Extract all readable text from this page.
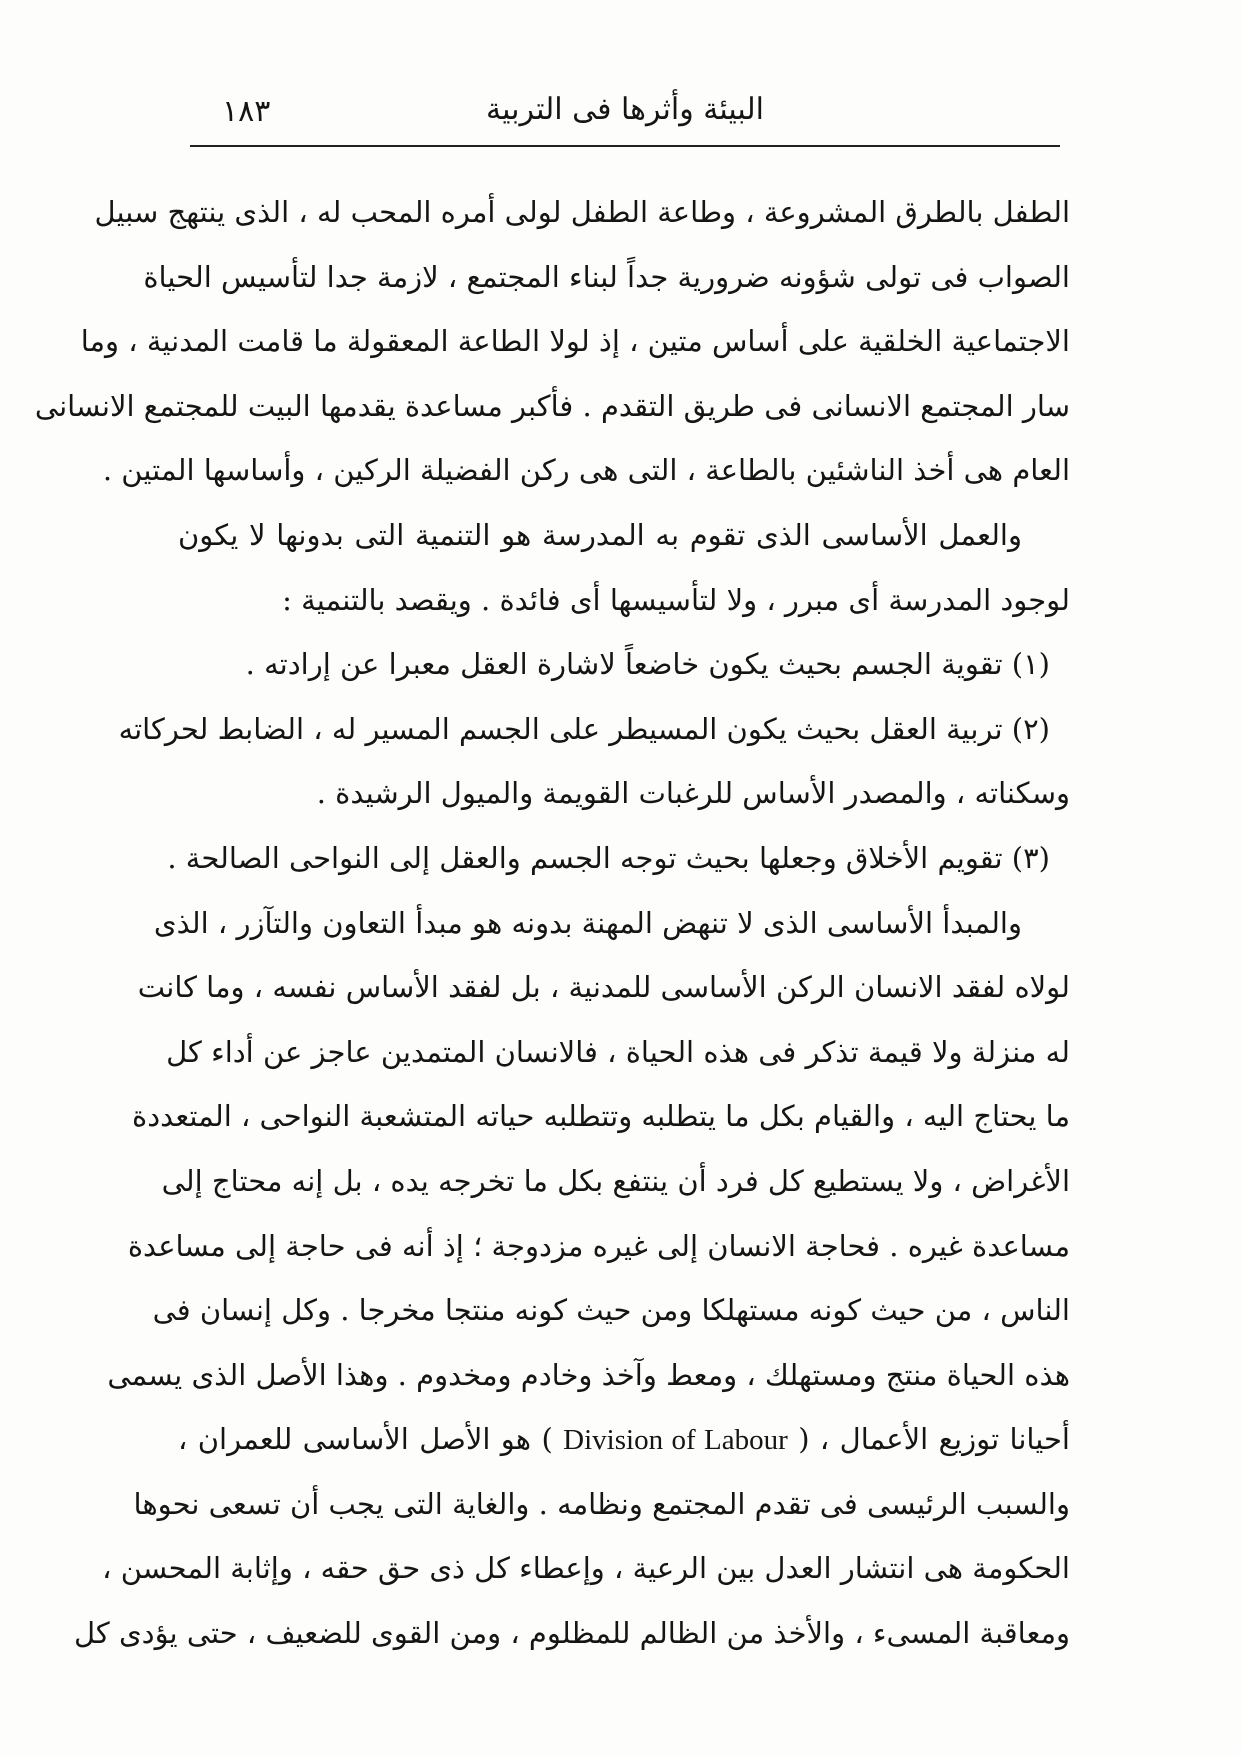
البيئة وأثرها فى التربية
١٨٣
الطفل بالطرق المشروعة ، وطاعة الطفل لولى أمره المحب له ، الذى ينتهج سبيل
الصواب فى تولى شؤونه ضرورية جداً لبناء المجتمع ، لازمة جدا لتأسيس الحياة
الاجتماعية الخلقية على أساس متين ، إذ لولا الطاعة المعقولة ما قامت المدنية ، وما
سار المجتمع الانسانى فى طريق التقدم . فأكبر مساعدة يقدمها البيت للمجتمع الانسانى
العام هى أخذ الناشئين بالطاعة ، التى هى ركن الفضيلة الركين ، وأساسها المتين .
والعمل الأساسى الذى تقوم به المدرسة هو التنمية التى بدونها لا يكون
لوجود المدرسة أى مبرر ، ولا لتأسيسها أى فائدة . ويقصد بالتنمية :
(١) تقوية الجسم بحيث يكون خاضعاً لاشارة العقل معبرا عن إرادته .
(٢) تربية العقل بحيث يكون المسيطر على الجسم المسير له ، الضابط لحركاته
وسكناته ، والمصدر الأساس للرغبات القويمة والميول الرشيدة .
(٣) تقويم الأخلاق وجعلها بحيث توجه الجسم والعقل إلى النواحى الصالحة .
والمبدأ الأساسى الذى لا تنهض المهنة بدونه هو مبدأ التعاون والتآزر ، الذى
لولاه لفقد الانسان الركن الأساسى للمدنية ، بل لفقد الأساس نفسه ، وما كانت
له منزلة ولا قيمة تذكر فى هذه الحياة ، فالانسان المتمدين عاجز عن أداء كل
ما يحتاج اليه ، والقيام بكل ما يتطلبه وتتطلبه حياته المتشعبة النواحى ، المتعددة
الأغراض ، ولا يستطيع كل فرد أن ينتفع بكل ما تخرجه يده ، بل إنه محتاج إلى
مساعدة غيره . فحاجة الانسان إلى غيره مزدوجة ؛ إذ أنه فى حاجة إلى مساعدة
الناس ، من حيث كونه مستهلكا ومن حيث كونه منتجا مخرجا . وكل إنسان فى
هذه الحياة منتج ومستهلك ، ومعط وآخذ وخادم ومخدوم . وهذا الأصل الذى يسمى
أحيانا توزيع الأعمال ، ( Division of Labour ) هو الأصل الأساسى للعمران ،
والسبب الرئيسى فى تقدم المجتمع ونظامه . والغاية التى يجب أن تسعى نحوها
الحكومة هى انتشار العدل بين الرعية ، وإعطاء كل ذى حق حقه ، وإثابة المحسن ،
ومعاقبة المسىء ، والأخذ من الظالم للمظلوم ، ومن القوى للضعيف ، حتى يؤدى كل
